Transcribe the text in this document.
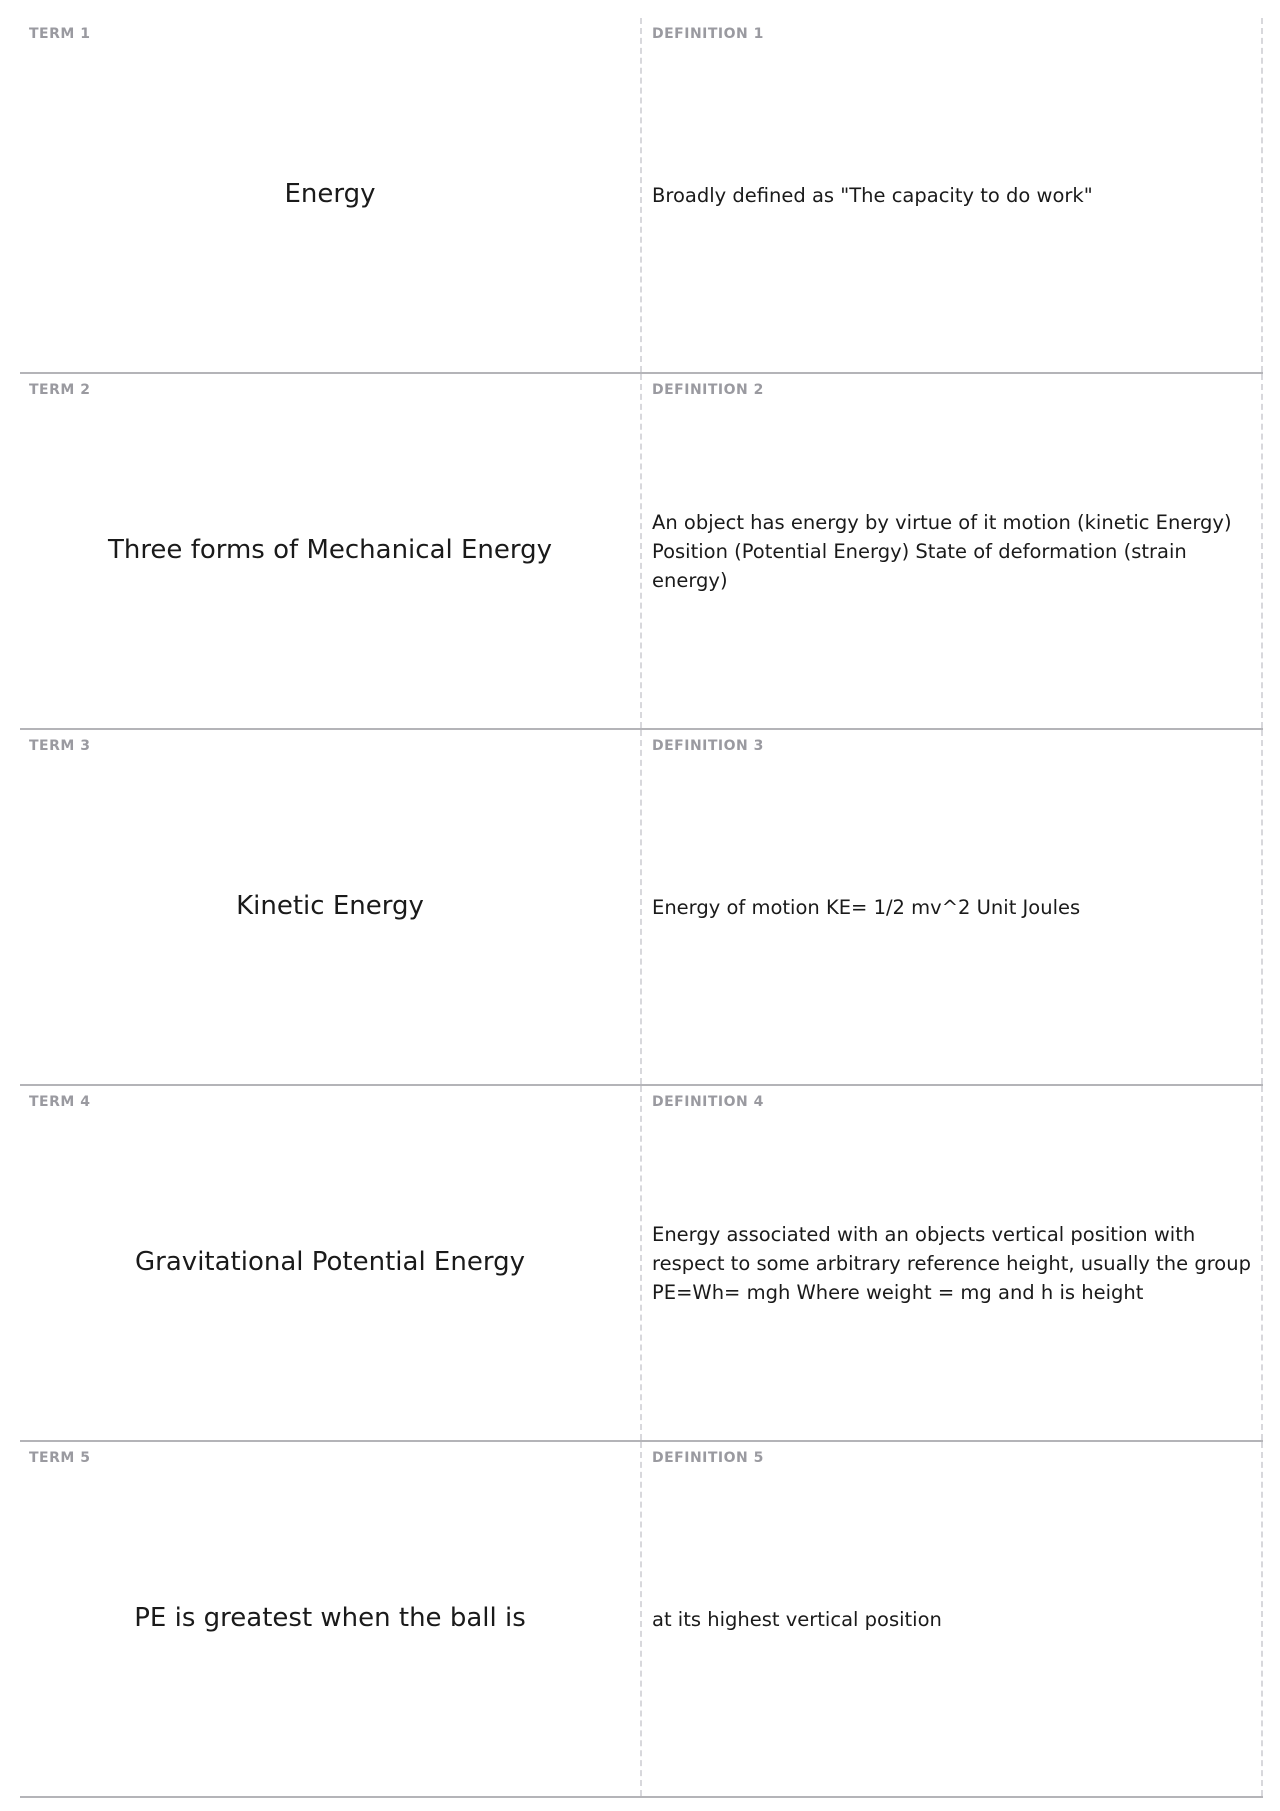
TERM 1
Energy
DEFINITION 1
Broadly defined as "The capacity to do work"
TERM 2
Three forms of Mechanical Energy
DEFINITION 2
An object has energy by virtue of it motion (kinetic Energy) Position (Potential Energy) State of deformation (strain energy)
TERM 3
Kinetic Energy
DEFINITION 3
Energy of motion KE= 1/2 mv^2 Unit Joules
TERM 4
Gravitational Potential Energy
DEFINITION 4
Energy associated with an objects vertical position with respect to some arbitrary reference height, usually the group PE=Wh= mgh Where weight = mg and h is height
TERM 5
PE is greatest when the ball is
DEFINITION 5
at its highest vertical position
